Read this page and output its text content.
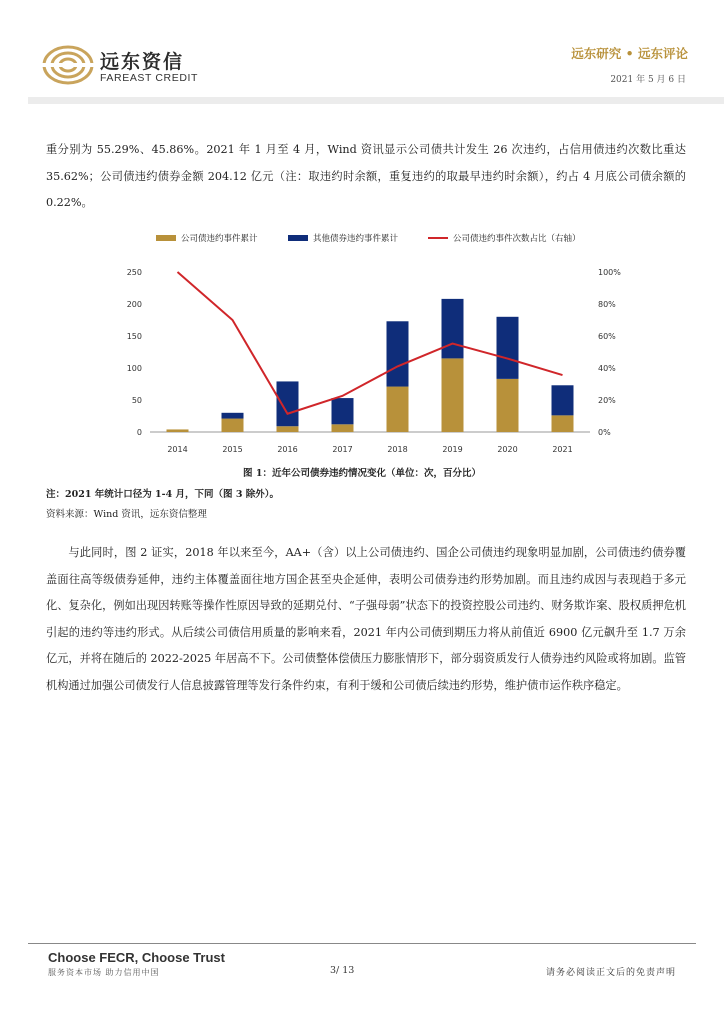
远东资信
FAREAST CREDIT
远东研究 • 远东评论
2021 年 5 月 6 日

重分别为 55.29%、45.86%。2021 年 1 月至 4 月，Wind 资讯显示公司债共计发生 26 次违约，占信用债违约次数比重达 35.62%；公司债违约债券金额 204.12 亿元（注：取违约时余额，重复违约的取最早违约时余额），约占 4 月底公司债余额的 0.22%。

公司债违约事件累计	其他债券违约事件累计	公司债违约事件次数占比（右轴）
0
50
100
150
200
250
0%
20%
40%
60%
80%
100%
2014	2015	2016	2017	2018	2019	2020	2021
图 1：近年公司债券违约情况变化（单位：次，百分比）
注：2021 年统计口径为 1-4 月，下同（图 3 除外）。
资料来源：Wind 资讯，远东资信整理

与此同时，图 2 证实，2018 年以来至今，AA+（含）以上公司债违约、国企公司债违约现象明显加剧，公司债违约债券覆盖面往高等级债券延伸，违约主体覆盖面往地方国企甚至央企延伸，表明公司债券违约形势加剧。而且违约成因与表现趋于多元化、复杂化，例如出现因转账等操作性原因导致的延期兑付、“子强母弱”状态下的投资控股公司违约、财务欺诈案、股权质押危机引起的违约等违约形式。从后续公司债信用质量的影响来看，2021 年内公司债到期压力将从前值近 6900 亿元飙升至 1.7 万余亿元，并将在随后的 2022-2025 年居高不下。公司债整体偿债压力膨胀情形下，部分弱资质发行人债券违约风险或将加剧。监管机构通过加强公司债发行人信息披露管理等发行条件约束，有利于缓和公司债后续违约形势，维护债市运作秩序稳定。

Choose FECR, Choose Trust
服务资本市场 助力信用中国	3/ 13	请务必阅读正文后的免责声明
